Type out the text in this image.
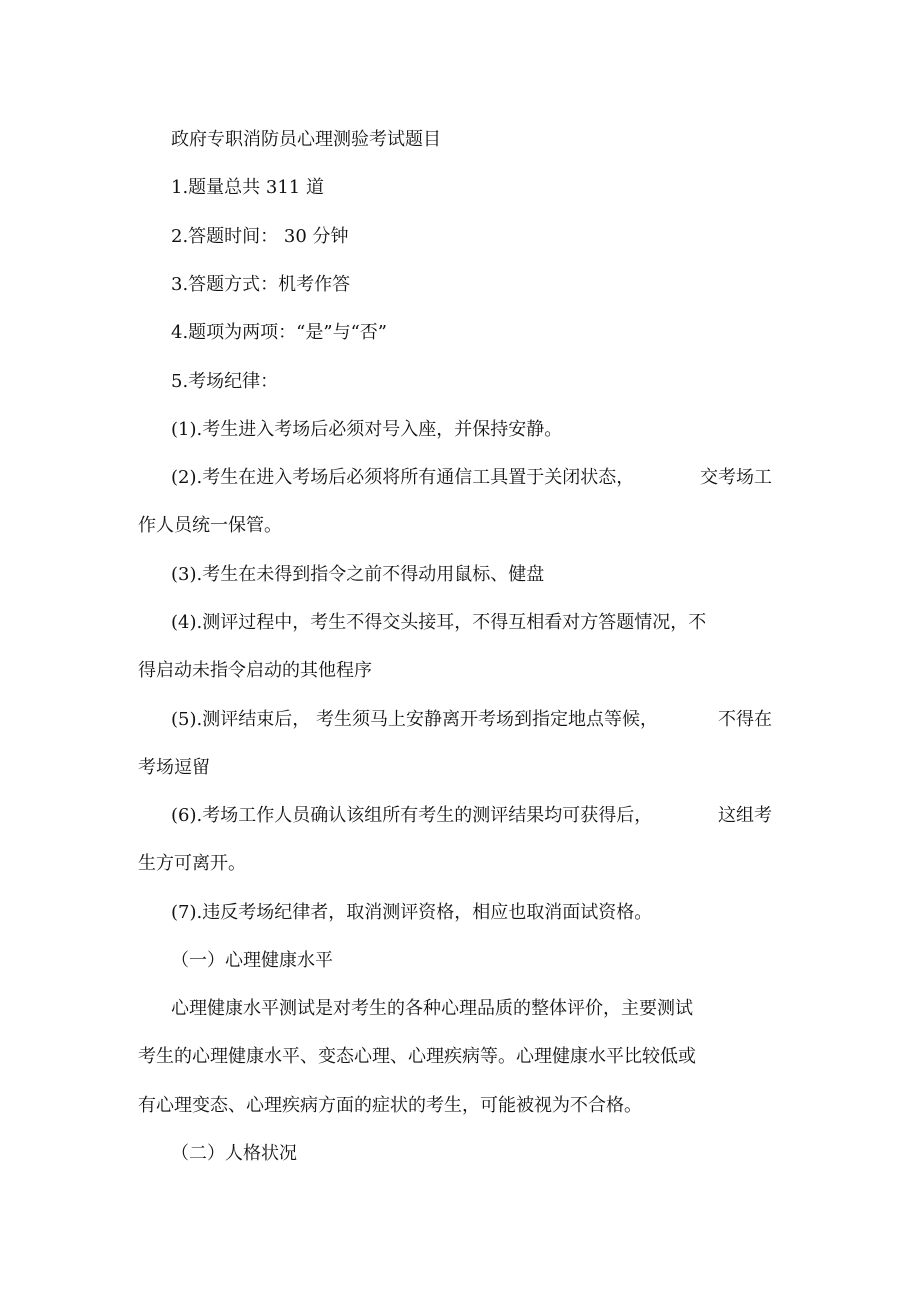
政府专职消防员心理测验考试题目
1.题量总共 311 道
2.答题时间： 30 分钟
3.答题方式：机考作答
4.题项为两项：“是”与“否”
5.考场纪律：
(1).考生进入考场后必须对号入座，并保持安静。
(2).考生在进入考场后必须将所有通信工具置于关闭状态，	交考场工
作人员统一保管。
(3).考生在未得到指令之前不得动用鼠标、健盘
(4).测评过程中，考生不得交头接耳，不得互相看对方答题情况，不
得启动未指令启动的其他程序
(5).测评结束后， 考生须马上安静离开考场到指定地点等候，	不得在
考场逗留
(6).考场工作人员确认该组所有考生的测评结果均可获得后，	这组考
生方可离开。
(7).违反考场纪律者，取消测评资格，相应也取消面试资格。
（一）心理健康水平
心理健康水平测试是对考生的各种心理品质的整体评价，主要测试
考生的心理健康水平、变态心理、心理疾病等。心理健康水平比较低或
有心理变态、心理疾病方面的症状的考生，可能被视为不合格。
（二）人格状况
